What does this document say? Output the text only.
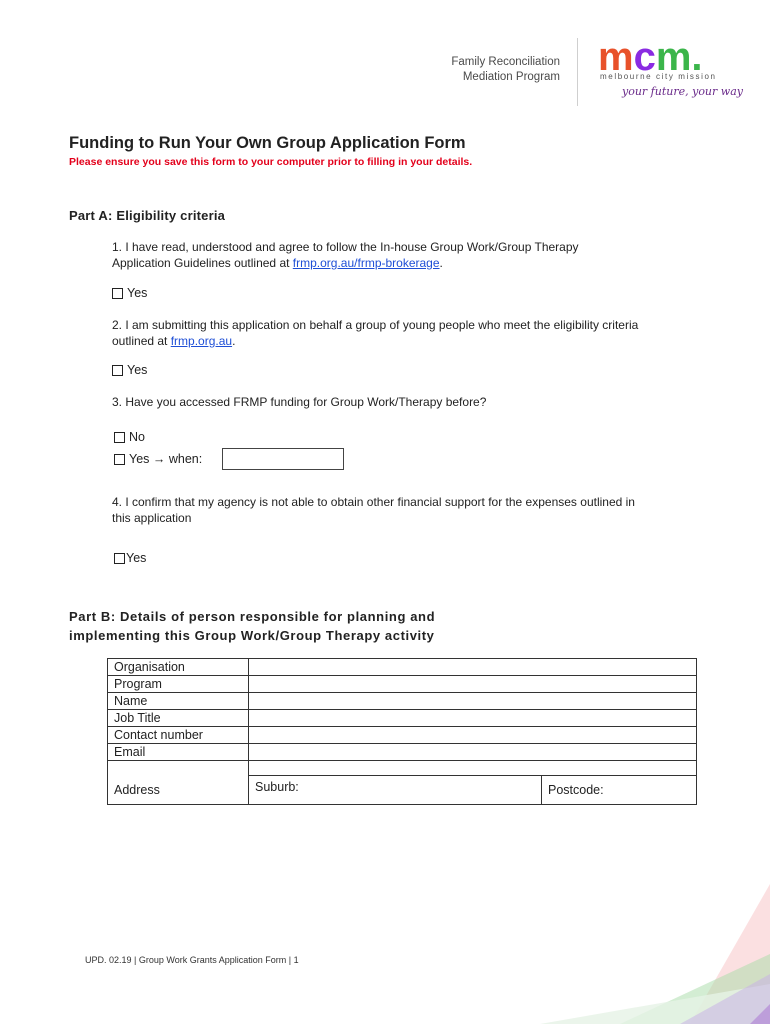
Family Reconciliation
Mediation Program mcm.
melbourne city mission
your future, your way
Funding to Run Your Own Group Application Form
Please ensure you save this form to your computer prior to filling in your details.
Part A: Eligibility criteria
1. I have read, understood and agree to follow the In-house Group Work/Group Therapy
Application Guidelines outlined at frmp.org.au/frmp-brokerage.
Yes
2. I am submitting this application on behalf a group of young people who meet the eligibility criteria
outlined at frmp.org.au.
Yes
3. Have you accessed FRMP funding for Group Work/Therapy before?
No
Yes → when:
4. I confirm that my agency is not able to obtain other financial support for the expenses outlined in
this application
Yes
Part B: Details of person responsible for planning and
implementing this Group Work/Group Therapy activity
Organisation		
Program		
Name		
Job Title		
Contact number		
Email		
Address		
	Suburb:	Postcode:
UPD. 02.19 | Group Work Grants Application Form | 1
